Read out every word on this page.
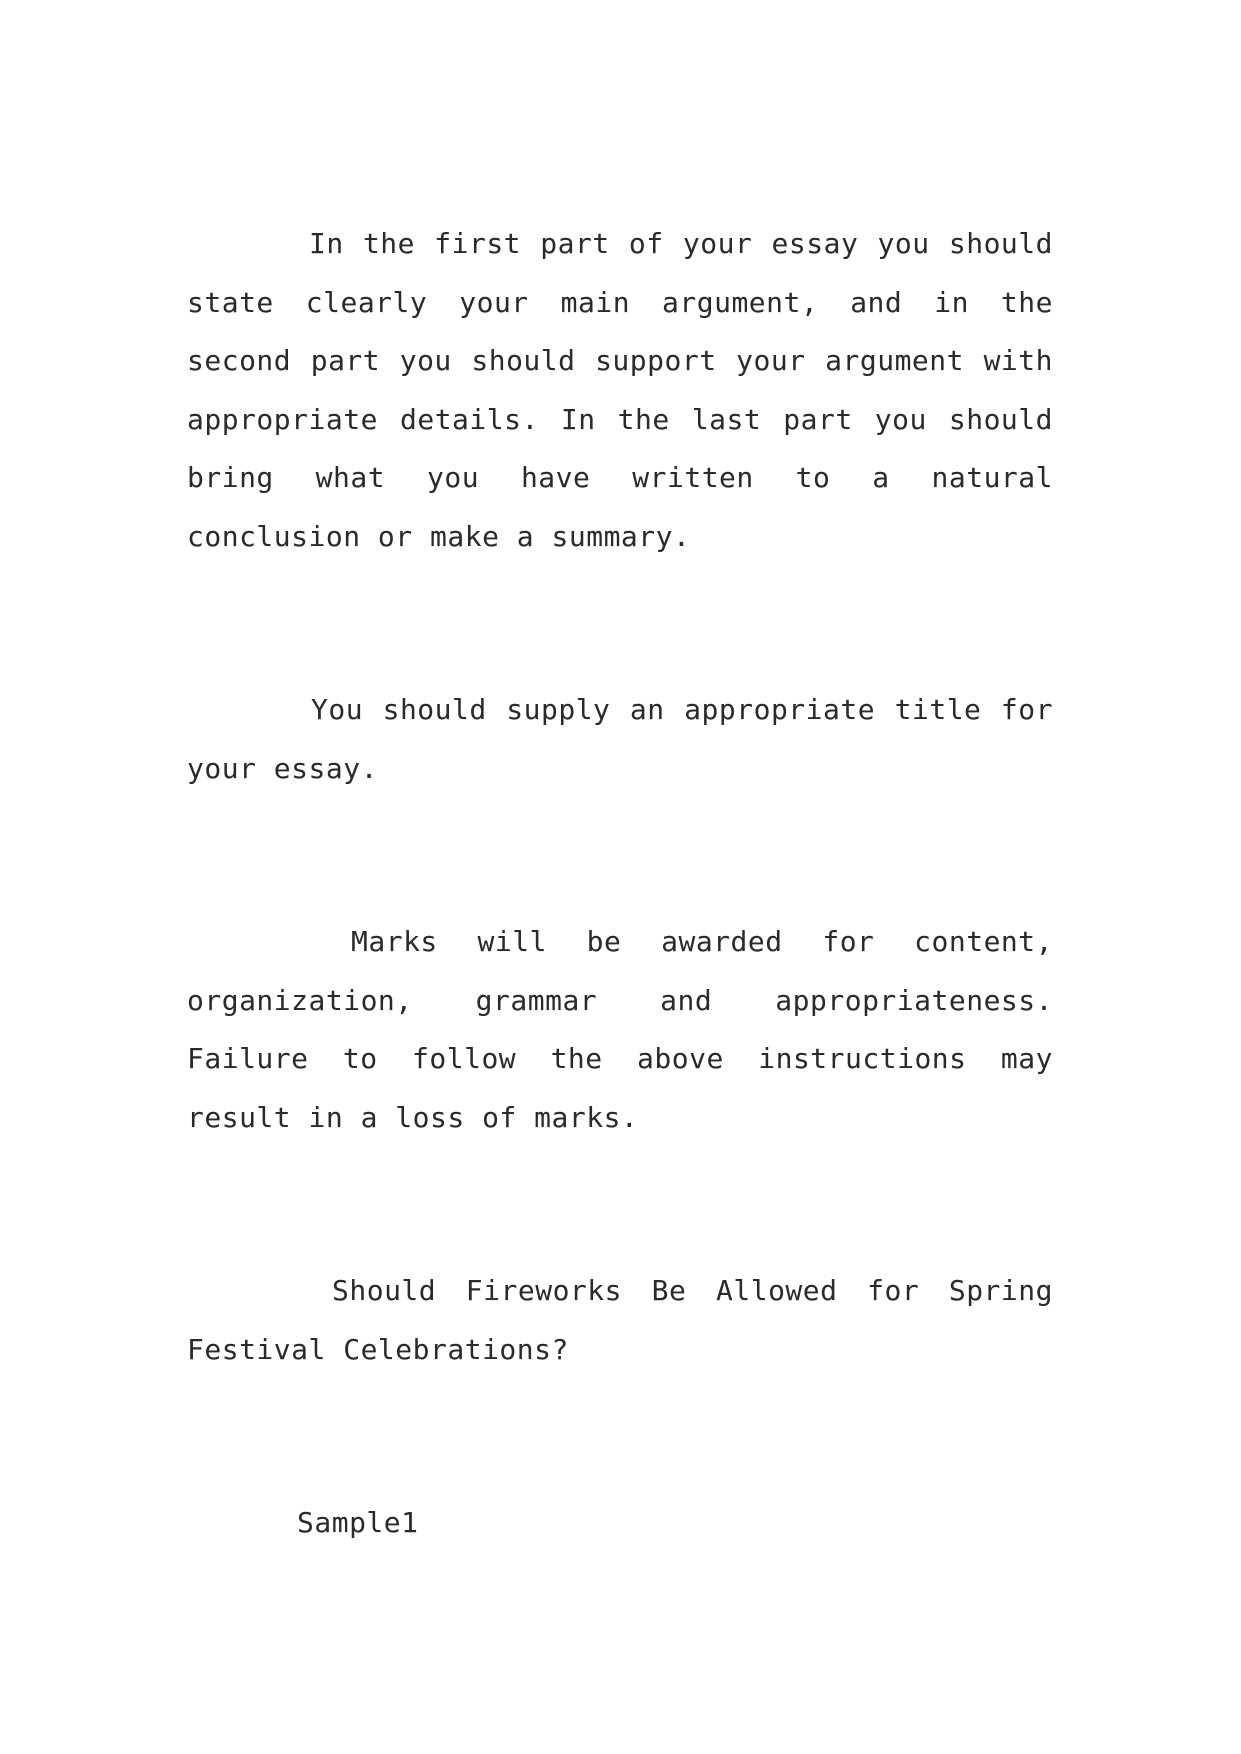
In the first part of your essay you should state clearly your main argument, and in the second part you should support your argument with appropriate details. In the last part you should bring what you have written to a natural conclusion or make a summary.

You should supply an appropriate title for your essay.

Marks will be awarded for content, organization, grammar and appropriateness. Failure to follow the above instructions may result in a loss of marks.

Should Fireworks Be Allowed for Spring Festival Celebrations?

Sample1
